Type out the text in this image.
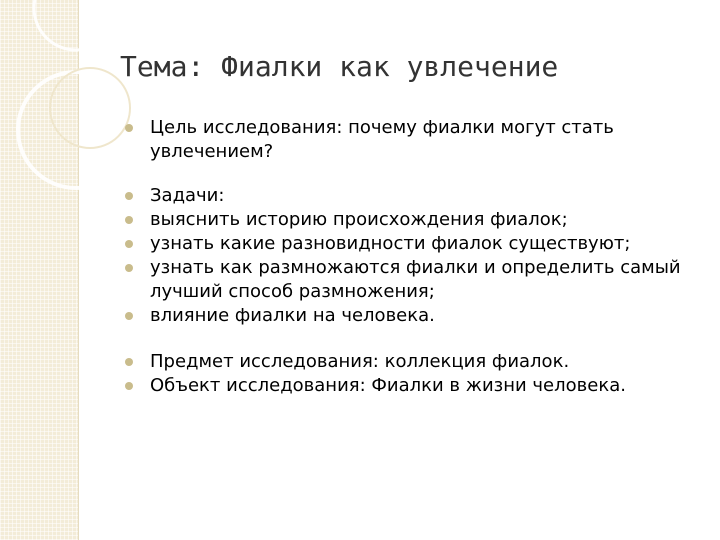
Тема: Фиалки как увлечение
Цель исследования: почему фиалки могут стать увлечением?
Задачи:
выяснить историю происхождения фиалок;
узнать какие разновидности фиалок существуют;
узнать как размножаются фиалки и определить самый лучший способ размножения;
влияние фиалки на человека.
Предмет исследования: коллекция фиалок.
Объект исследования: Фиалки в жизни человека.
